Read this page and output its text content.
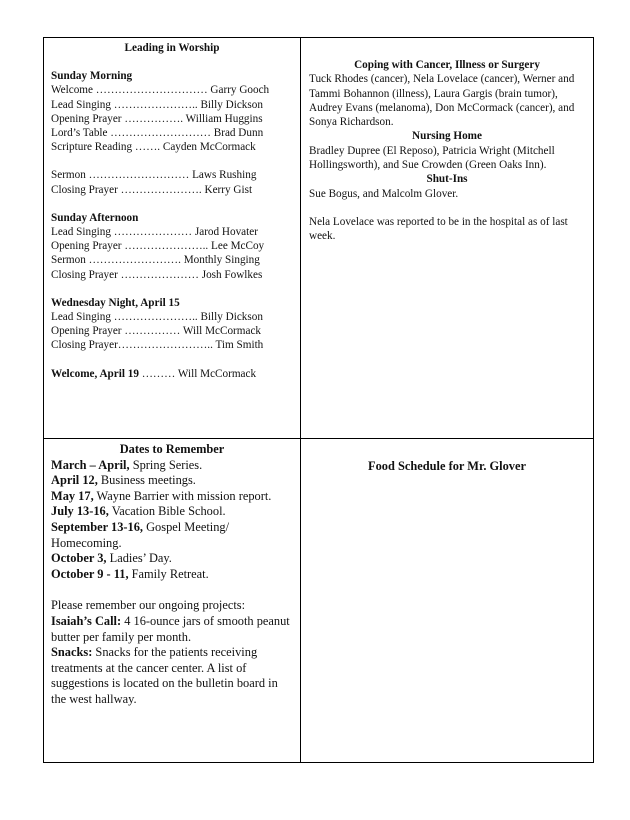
Leading in Worship
Sunday Morning
Welcome ………………………… Garry Gooch
Lead Singing ………………….. Billy Dickson
Opening Prayer ……………. William Huggins
Lord’s Table ……………………… Brad Dunn
Scripture Reading ……. Cayden McCormack
Sermon ……………………… Laws Rushing
Closing Prayer …………………. Kerry Gist
Sunday Afternoon
Lead Singing ………………… Jarod Hovater
Opening Prayer ………………….. Lee McCoy
Sermon ……………………. Monthly Singing
Closing Prayer ………………… Josh Fowlkes
Wednesday Night, April 15
Lead Singing ………………….. Billy Dickson
Opening Prayer …………… Will McCormack
Closing Prayer…………………….. Tim Smith
Welcome, April 19 ……… Will McCormack
Coping with Cancer, Illness or Surgery

Tuck Rhodes (cancer), Nela Lovelace (cancer), Werner and Tammi Bohannon (illness), Laura Gargis (brain tumor), Audrey Evans (melanoma), Don McCormack (cancer), and Sonya Richardson.

Nursing Home

Bradley Dupree (El Reposo), Patricia Wright (Mitchell Hollingsworth), and Sue Crowden (Green Oaks Inn).

Shut-Ins

Sue Bogus, and Malcolm Glover.

Nela Lovelace was reported to be in the hospital as of last week.

Dates to Remember
March – April, Spring Series.
April 12, Business meetings.
May 17, Wayne Barrier with mission report.
July 13-16, Vacation Bible School.
September 13-16, Gospel Meeting/ Homecoming.
October 3, Ladies’ Day.
October 9 - 11, Family Retreat.
Please remember our ongoing projects:
Isaiah’s Call: 4 16-ounce jars of smooth peanut butter per family per month.
Snacks: Snacks for the patients receiving treatments at the cancer center. A list of suggestions is located on the bulletin board in the west hallway.
Food Schedule for Mr. Glover
